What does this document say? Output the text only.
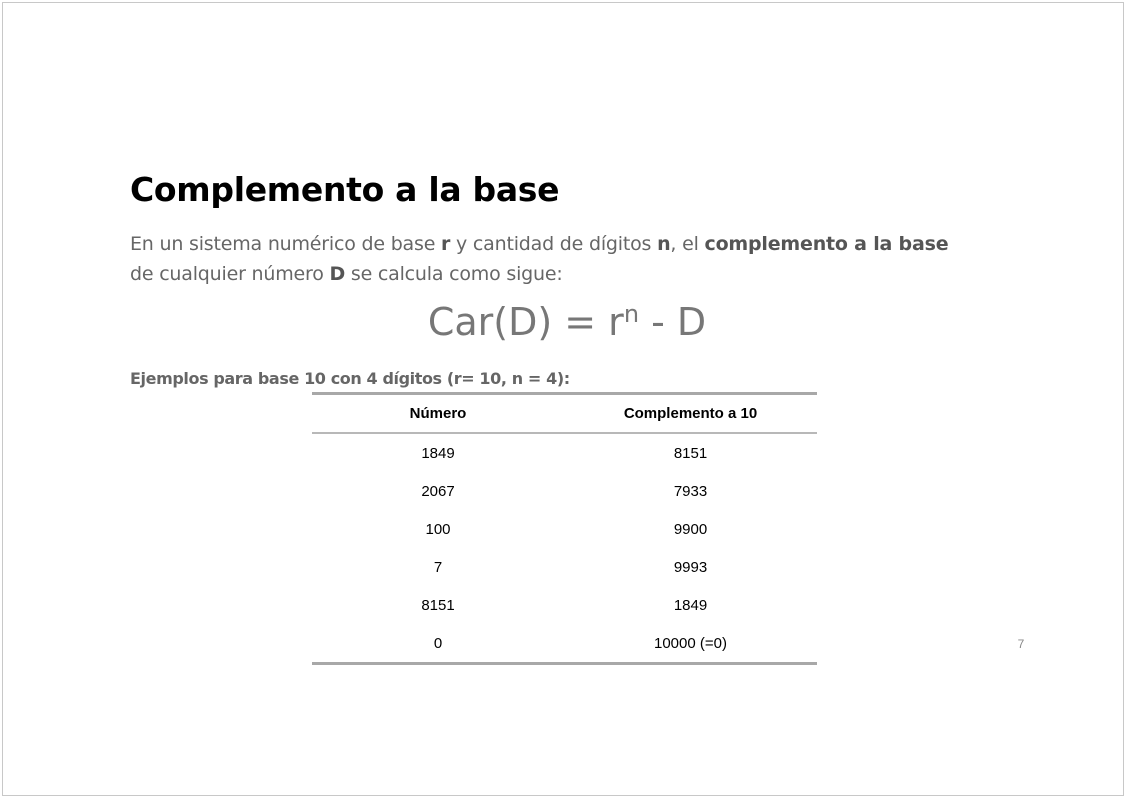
Complemento a la base

En un sistema numérico de base r y cantidad de dígitos n, el complemento a la base de cualquier número D se calcula como sigue:

$Car(D) = r^n - D$

Ejemplos para base 10 con 4 dígitos (r= 10, n = 4):

7
Número	Complemento a 10
1849	8151
2067	7933
100	9900
7	9993
8151	1849
0	10000 (=0)
